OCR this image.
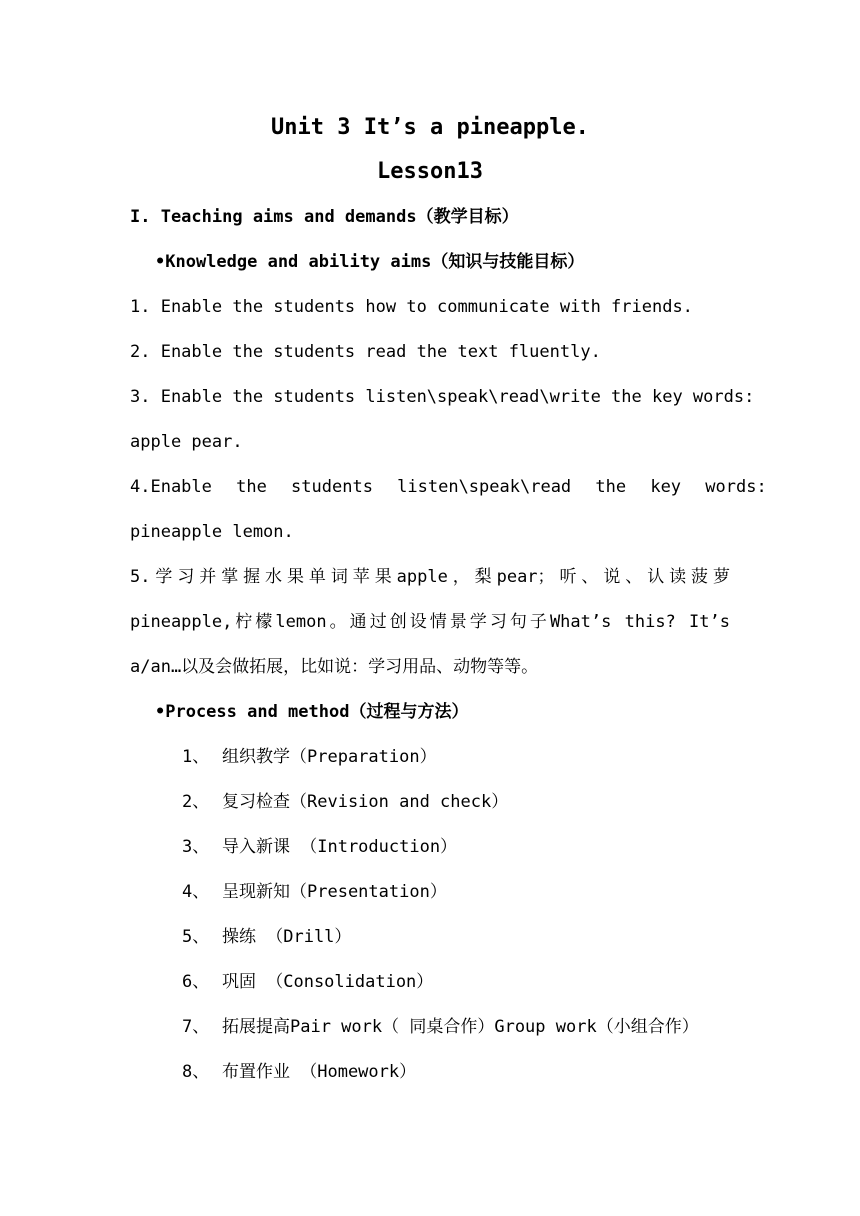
Unit 3 It’s a pineapple.
Lesson13
I. Teaching aims and demands（教学目标）
•Knowledge and ability aims（知识与技能目标）
1. Enable the students how to communicate with friends.
2. Enable the students read the text fluently.
3. Enable the students listen\speak\read\write the key words:
apple pear.
4.Enable the students listen\speak\read the key words:
pineapple lemon.
5.学习并掌握水果单词苹果apple，梨pear；听、说、认读菠萝
pineapple,柠檬lemon。通过创设情景学习句子What’s this? It’s
a/an…以及会做拓展，比如说：学习用品、动物等等。
•Process and method（过程与方法）
1、 组织教学（Preparation）
2、 复习检查（Revision and check）
3、 导入新课 （Introduction）
4、 呈现新知（Presentation）
5、 操练 （Drill）
6、 巩固 （Consolidation）
7、 拓展提高Pair work（ 同桌合作）Group work（小组合作）
8、 布置作业 （Homework）
